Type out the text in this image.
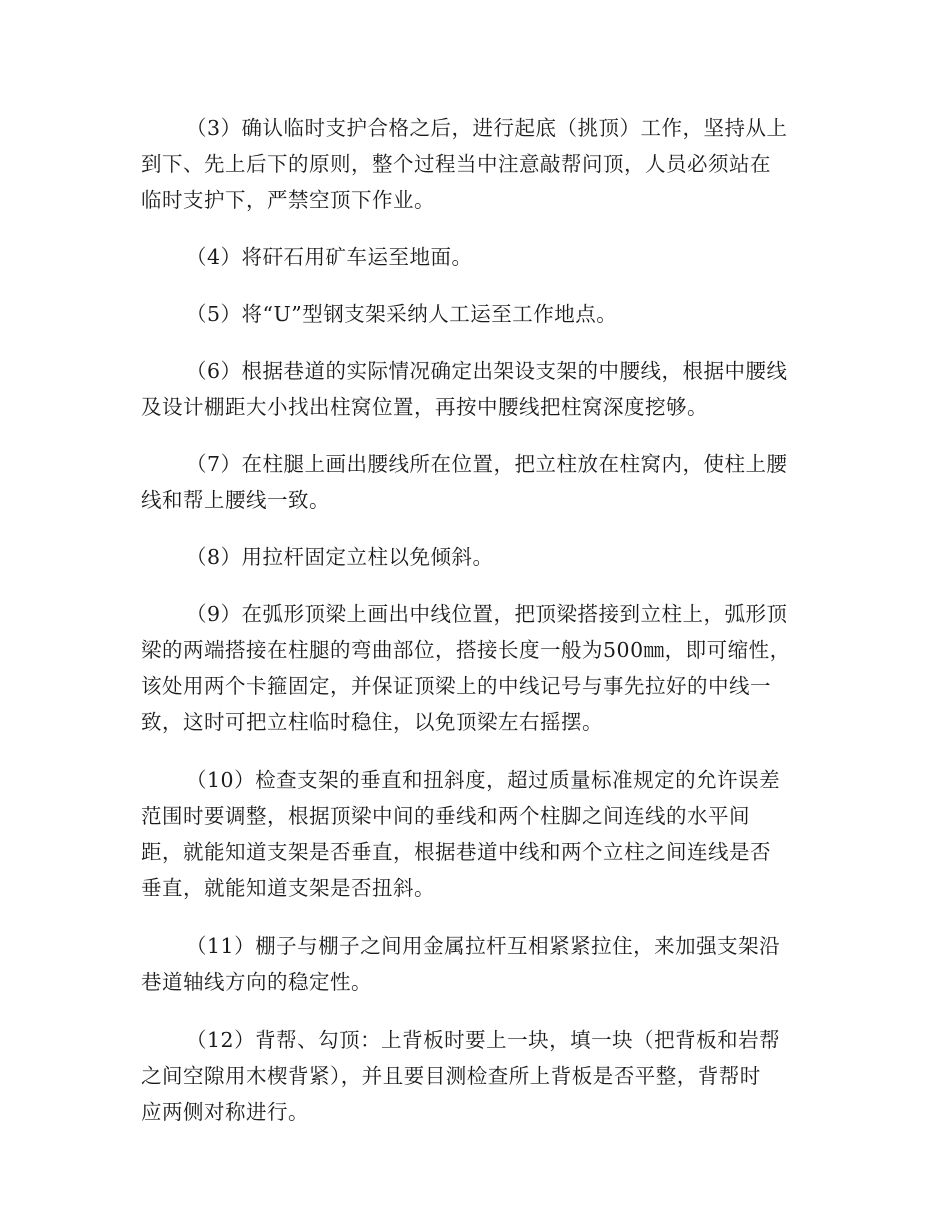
（3）确认临时支护合格之后，进行起底（挑顶）工作，坚持从上
到下、先上后下的原则，整个过程当中注意敲帮问顶，人员必须站在
临时支护下，严禁空顶下作业。

（4）将矸石用矿车运至地面。

（5）将“U”型钢支架采纳人工运至工作地点。

（6）根据巷道的实际情况确定出架设支架的中腰线，根据中腰线
及设计棚距大小找出柱窝位置，再按中腰线把柱窝深度挖够。

（7）在柱腿上画出腰线所在位置，把立柱放在柱窝内，使柱上腰
线和帮上腰线一致。

（8）用拉杆固定立柱以免倾斜。

（9）在弧形顶梁上画出中线位置，把顶梁搭接到立柱上，弧形顶
梁的两端搭接在柱腿的弯曲部位，搭接长度一般为500㎜，即可缩性，
该处用两个卡箍固定，并保证顶梁上的中线记号与事先拉好的中线一
致，这时可把立柱临时稳住，以免顶梁左右摇摆。

（10）检查支架的垂直和扭斜度，超过质量标准规定的允许误差
范围时要调整，根据顶梁中间的垂线和两个柱脚之间连线的水平间
距，就能知道支架是否垂直，根据巷道中线和两个立柱之间连线是否
垂直，就能知道支架是否扭斜。

（11）棚子与棚子之间用金属拉杆互相紧紧拉住，来加强支架沿
巷道轴线方向的稳定性。

（12）背帮、勾顶：上背板时要上一块，填一块（把背板和岩帮
之间空隙用木楔背紧），并且要目测检查所上背板是否平整，背帮时
应两侧对称进行。
